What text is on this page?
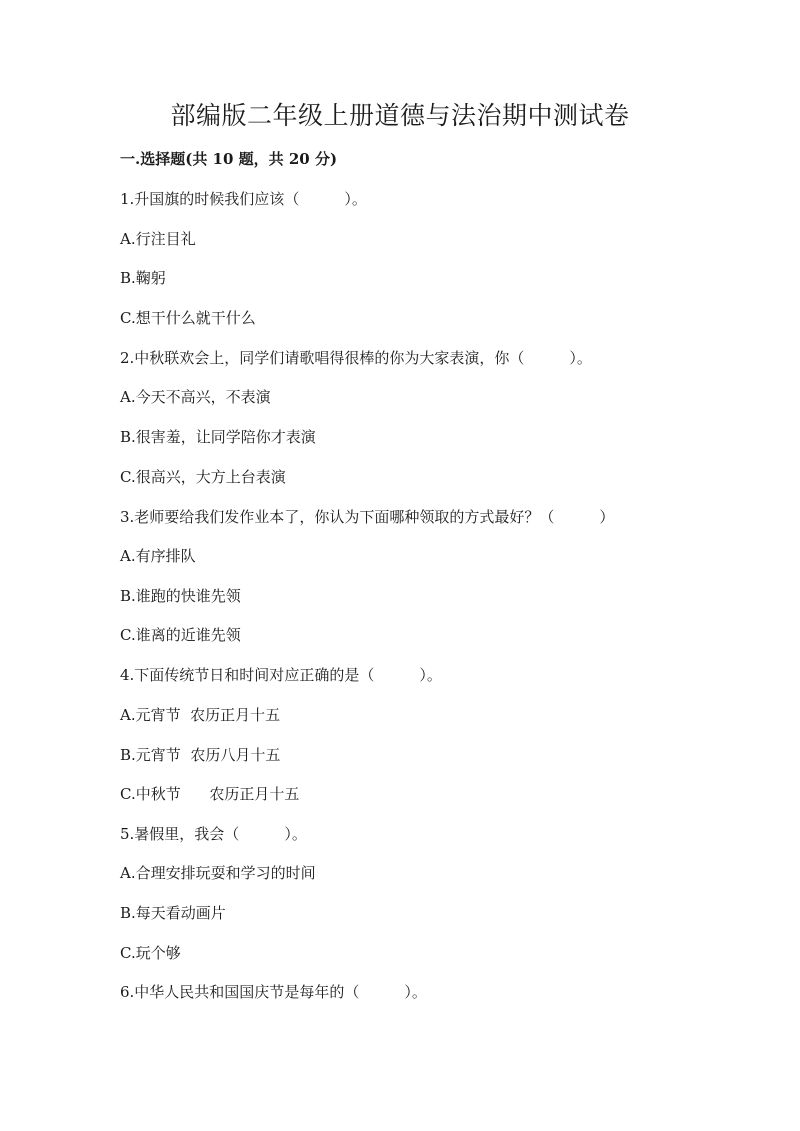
部编版二年级上册道德与法治期中测试卷
一.选择题(共 10 题，共 20 分)

1.升国旗的时候我们应该（　　　）。

A.行注目礼

B.鞠躬

C.想干什么就干什么

2.中秋联欢会上，同学们请歌唱得很棒的你为大家表演，你（　　　）。

A.今天不高兴，不表演

B.很害羞，让同学陪你才表演

C.很高兴，大方上台表演

3.老师要给我们发作业本了，你认为下面哪种领取的方式最好？（　　　）

A.有序排队

B.谁跑的快谁先领

C.谁离的近谁先领

4.下面传统节日和时间对应正确的是（　　　）。

A.元宵节  农历正月十五

B.元宵节  农历八月十五

C.中秋节      农历正月十五

5.暑假里，我会（　　　）。

A.合理安排玩耍和学习的时间

B.每天看动画片

C.玩个够

6.中华人民共和国国庆节是每年的（　　　）。
